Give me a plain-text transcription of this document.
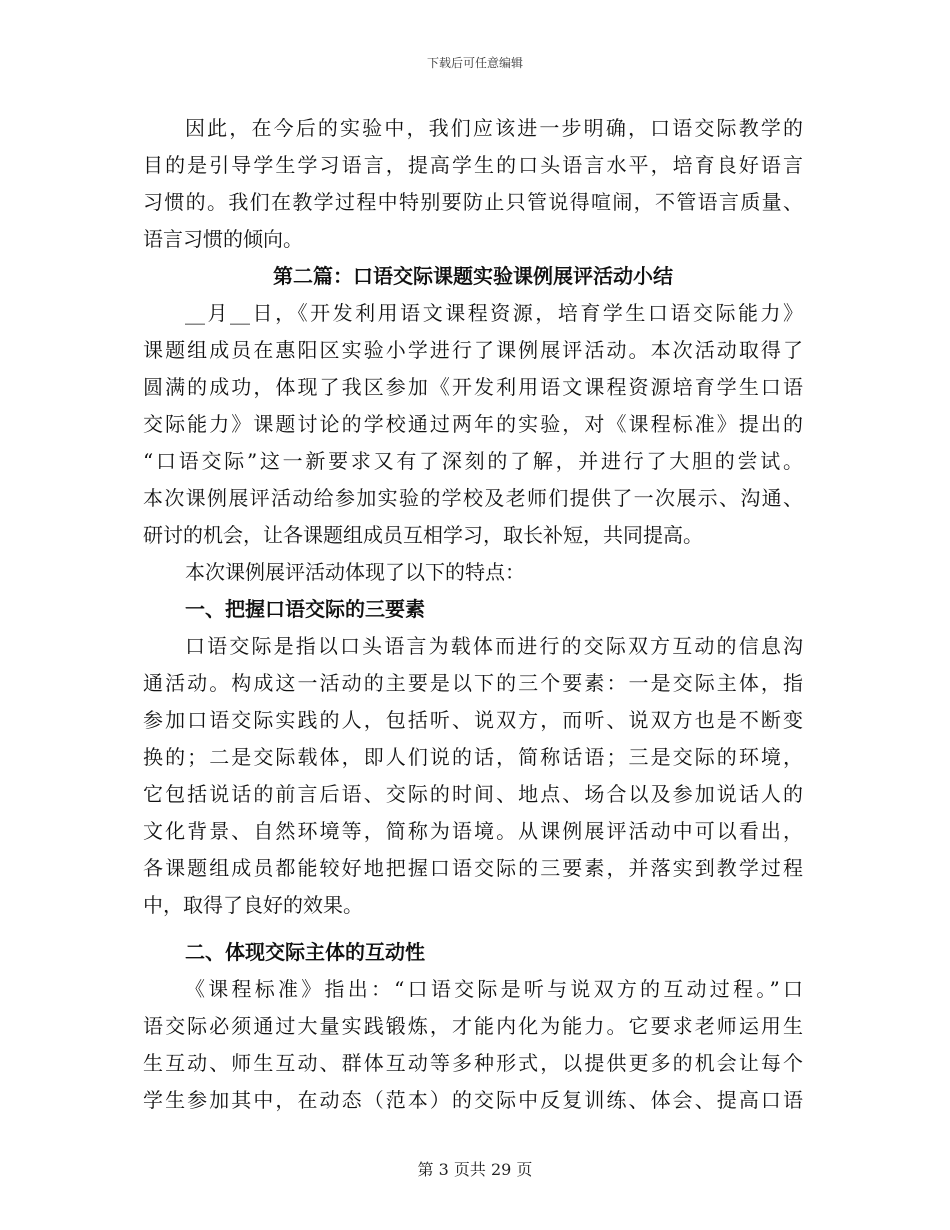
下载后可任意编辑
因此，在今后的实验中，我们应该进一步明确，口语交际教学的
目的是引导学生学习语言，提高学生的口头语言水平，培育良好语言
习惯的。我们在教学过程中特别要防止只管说得喧闹，不管语言质量、
语言习惯的倾向。
第二篇：口语交际课题实验课例展评活动小结
__月__日，《开发利用语文课程资源，培育学生口语交际能力》
课题组成员在惠阳区实验小学进行了课例展评活动。本次活动取得了
圆满的成功，体现了我区参加《开发利用语文课程资源培育学生口语
交际能力》课题讨论的学校通过两年的实验，对《课程标准》提出的
“口语交际”这一新要求又有了深刻的了解，并进行了大胆的尝试。
本次课例展评活动给参加实验的学校及老师们提供了一次展示、沟通、
研讨的机会，让各课题组成员互相学习，取长补短，共同提高。
本次课例展评活动体现了以下的特点：
一、把握口语交际的三要素
口语交际是指以口头语言为载体而进行的交际双方互动的信息沟
通活动。构成这一活动的主要是以下的三个要素：一是交际主体，指
参加口语交际实践的人，包括听、说双方，而听、说双方也是不断变
换的；二是交际载体，即人们说的话，简称话语；三是交际的环境，
它包括说话的前言后语、交际的时间、地点、场合以及参加说话人的
文化背景、自然环境等，简称为语境。从课例展评活动中可以看出，
各课题组成员都能较好地把握口语交际的三要素，并落实到教学过程
中，取得了良好的效果。
二、体现交际主体的互动性
《课程标准》指出：“口语交际是听与说双方的互动过程。”口
语交际必须通过大量实践锻炼，才能内化为能力。它要求老师运用生
生互动、师生互动、群体互动等多种形式，以提供更多的机会让每个
学生参加其中，在动态（范本）的交际中反复训练、体会、提高口语
第 3 页共 29 页
